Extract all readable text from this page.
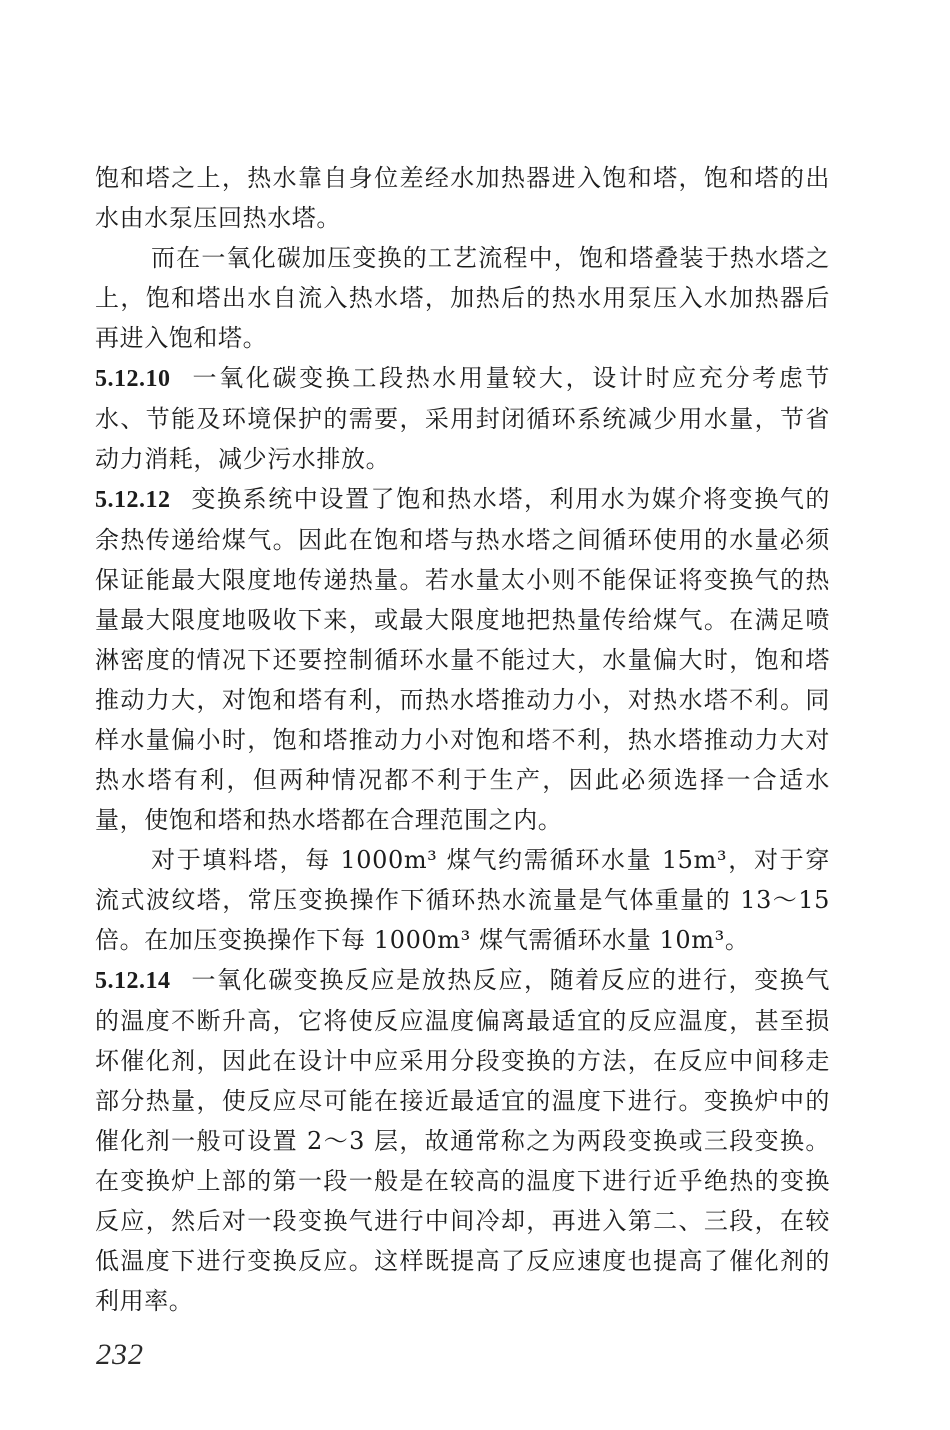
饱和塔之上，热水靠自身位差经水加热器进入饱和塔，饱和塔的出水由水泵压回热水塔。

而在一氧化碳加压变换的工艺流程中，饱和塔叠装于热水塔之上，饱和塔出水自流入热水塔，加热后的热水用泵压入水加热器后再进入饱和塔。

5.12.10 一氧化碳变换工段热水用量较大，设计时应充分考虑节水、节能及环境保护的需要，采用封闭循环系统减少用水量，节省动力消耗，减少污水排放。

5.12.12 变换系统中设置了饱和热水塔，利用水为媒介将变换气的余热传递给煤气。因此在饱和塔与热水塔之间循环使用的水量必须保证能最大限度地传递热量。若水量太小则不能保证将变换气的热量最大限度地吸收下来，或最大限度地把热量传给煤气。在满足喷淋密度的情况下还要控制循环水量不能过大，水量偏大时，饱和塔推动力大，对饱和塔有利，而热水塔推动力小，对热水塔不利。同样水量偏小时，饱和塔推动力小对饱和塔不利，热水塔推动力大对热水塔有利，但两种情况都不利于生产，因此必须选择一合适水量，使饱和塔和热水塔都在合理范围之内。

对于填料塔，每 1000m³ 煤气约需循环水量 15m³，对于穿流式波纹塔，常压变换操作下循环热水流量是气体重量的 13～15 倍。在加压变换操作下每 1000m³ 煤气需循环水量 10m³。

5.12.14 一氧化碳变换反应是放热反应，随着反应的进行，变换气的温度不断升高，它将使反应温度偏离最适宜的反应温度，甚至损坏催化剂，因此在设计中应采用分段变换的方法，在反应中间移走部分热量，使反应尽可能在接近最适宜的温度下进行。变换炉中的催化剂一般可设置 2～3 层，故通常称之为两段变换或三段变换。在变换炉上部的第一段一般是在较高的温度下进行近乎绝热的变换反应，然后对一段变换气进行中间冷却，再进入第二、三段，在较低温度下进行变换反应。这样既提高了反应速度也提高了催化剂的利用率。

232
